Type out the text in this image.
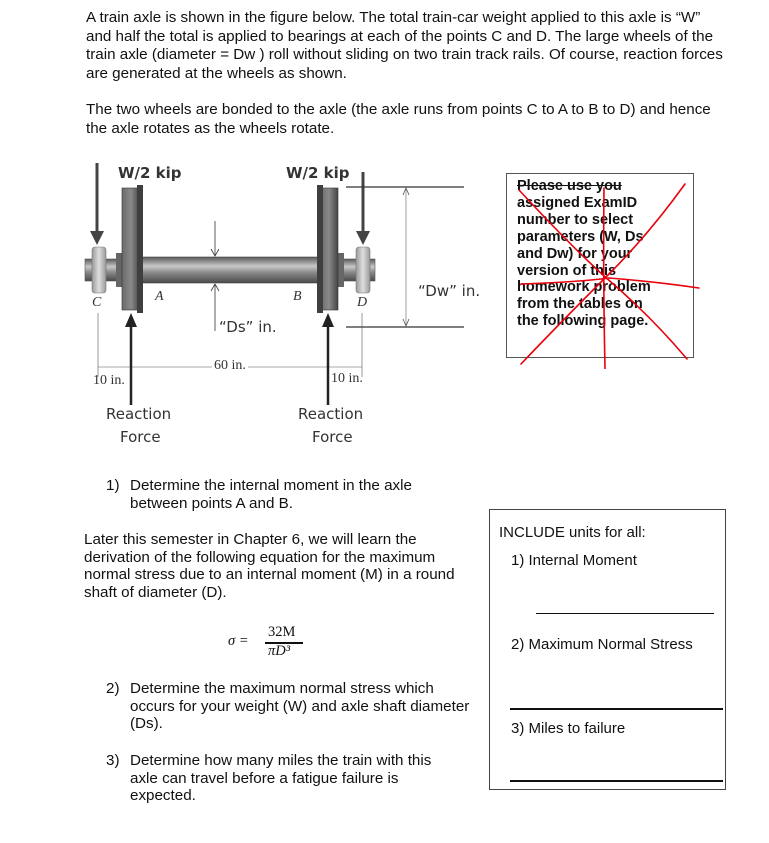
A train axle is shown in the figure below. The total train-car weight applied to this axle is “W” and half the total is applied to bearings at each of the points C and D. The large wheels of the train axle (diameter = Dw ) roll without sliding on two train track rails. Of course, reaction forces are generated at the wheels as shown.
The two wheels are bonded to the axle (the axle runs from points C to A to B to D) and hence the axle rotates as the wheels rotate.
W/2 kip	W/2 kip
C	A	B	D
“Ds” in.
“Dw” in.
10 in.
60 in.
10 in.
Reaction
Force
Reaction
Force
Please use you
assigned ExamID
number to select
parameters (W, Ds
and Dw) for your
version of this
homework problem
from the tables on
the following page.
1) Determine the internal moment in the axle between points A and B.
Later this semester in Chapter 6, we will learn the derivation of the following equation for the maximum normal stress due to an internal moment (M) in a round shaft of diameter (D).
σ =
32M
πD³
2) Determine the maximum normal stress which occurs for your weight (W) and axle shaft diameter (Ds).
3) Determine how many miles the train with this axle can travel before a fatigue failure is expected.
INCLUDE units for all:
1) Internal Moment
2) Maximum Normal Stress
3) Miles to failure
